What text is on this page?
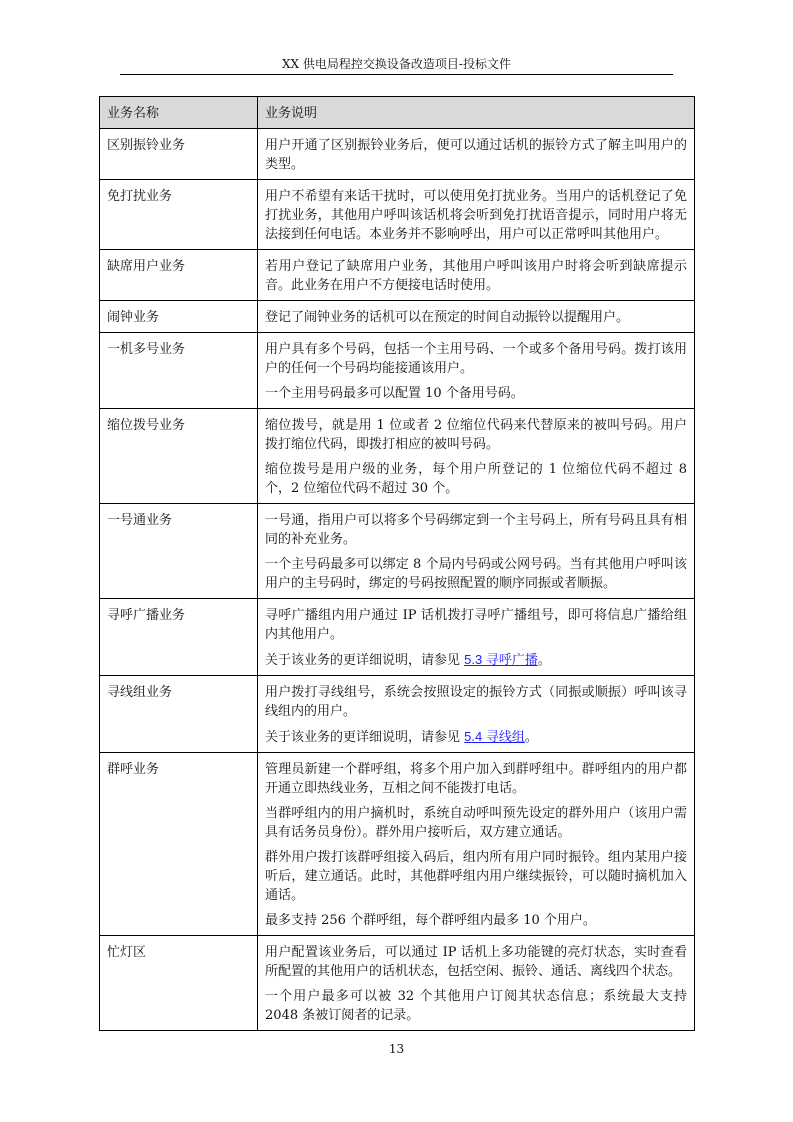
XX 供电局程控交换设备改造项目-投标文件
业务名称	业务说明
区别振铃业务	用户开通了区别振铃业务后，便可以通过话机的振铃方式了解主叫用户的类型。

免打扰业务	用户不希望有来话干扰时，可以使用免打扰业务。当用户的话机登记了免打扰业务，其他用户呼叫该话机将会听到免打扰语音提示，同时用户将无法接到任何电话。本业务并不影响呼出，用户可以正常呼叫其他用户。

缺席用户业务	若用户登记了缺席用户业务，其他用户呼叫该用户时将会听到缺席提示音。此业务在用户不方便接电话时使用。

闹钟业务	登记了闹钟业务的话机可以在预定的时间自动振铃以提醒用户。

一机多号业务	用户具有多个号码，包括一个主用号码、一个或多个备用号码。拨打该用户的任何一个号码均能接通该用户。

一个主用号码最多可以配置 10 个备用号码。

缩位拨号业务	缩位拨号，就是用 1 位或者 2 位缩位代码来代替原来的被叫号码。用户拨打缩位代码，即拨打相应的被叫号码。

缩位拨号是用户级的业务，每个用户所登记的 1 位缩位代码不超过 8 个，2 位缩位代码不超过 30 个。

一号通业务	一号通，指用户可以将多个号码绑定到一个主号码上，所有号码且具有相同的补充业务。

一个主号码最多可以绑定 8 个局内号码或公网号码。当有其他用户呼叫该用户的主号码时，绑定的号码按照配置的顺序同振或者顺振。

寻呼广播业务	寻呼广播组内用户通过 IP 话机拨打寻呼广播组号，即可将信息广播给组内其他用户。

关于该业务的更详细说明，请参见 5.3 寻呼广播。

寻线组业务	用户拨打寻线组号，系统会按照设定的振铃方式（同振或顺振）呼叫该寻线组内的用户。

关于该业务的更详细说明，请参见 5.4 寻线组。

群呼业务	管理员新建一个群呼组，将多个用户加入到群呼组中。群呼组内的用户都开通立即热线业务，互相之间不能拨打电话。

当群呼组内的用户摘机时，系统自动呼叫预先设定的群外用户（该用户需具有话务员身份）。群外用户接听后，双方建立通话。

群外用户拨打该群呼组接入码后，组内所有用户同时振铃。组内某用户接听后，建立通话。此时，其他群呼组内用户继续振铃，可以随时摘机加入通话。

最多支持 256 个群呼组，每个群呼组内最多 10 个用户。

忙灯区	用户配置该业务后，可以通过 IP 话机上多功能键的亮灯状态，实时查看所配置的其他用户的话机状态，包括空闲、振铃、通话、离线四个状态。

一个用户最多可以被 32 个其他用户订阅其状态信息；系统最大支持 2048 条被订阅者的记录。

13
